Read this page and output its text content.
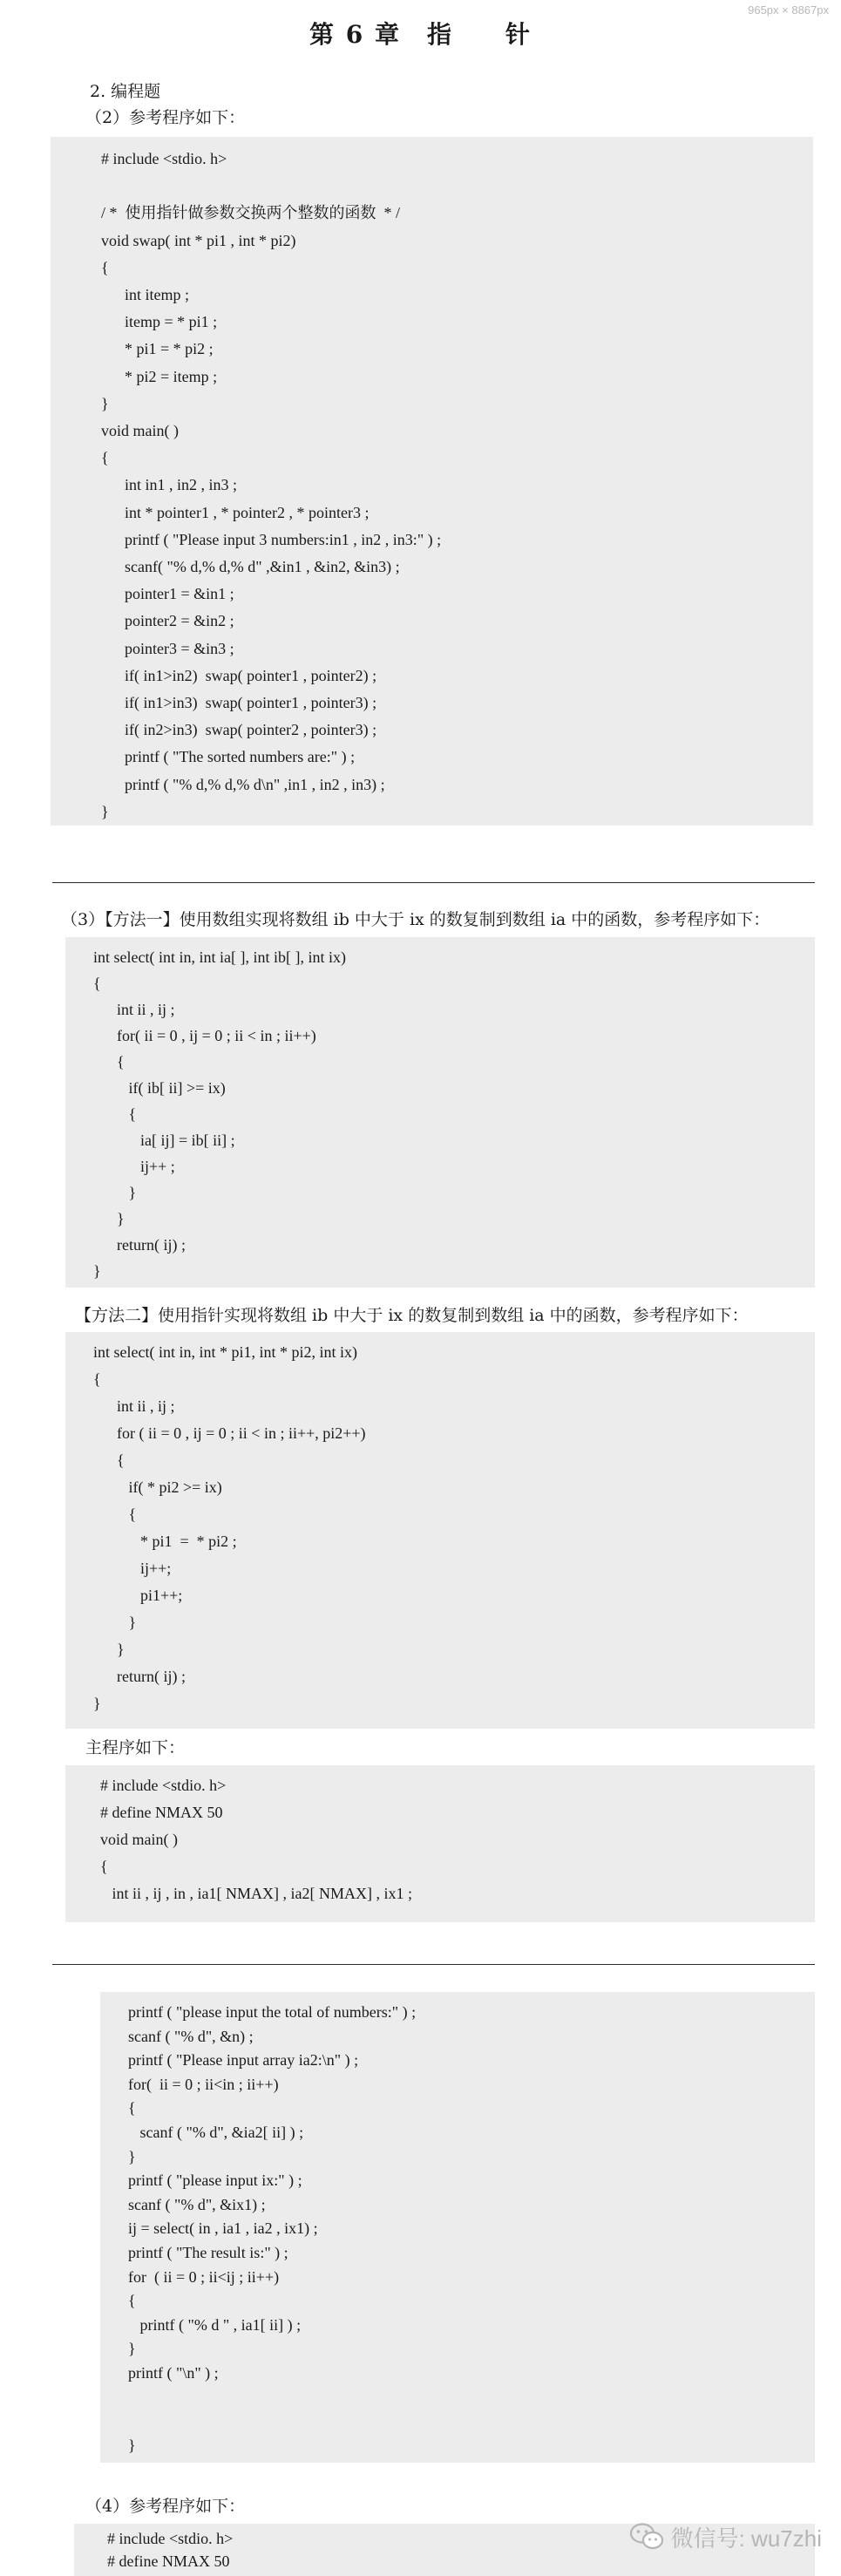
965px × 8867px
第 6 章　指　　针
2. 编程题
（2）参考程序如下：
# include <stdio. h>
/ *  使用指针做参数交换两个整数的函数  * /
void swap( int * pi1 , int * pi2)
{
int itemp ;
itemp = * pi1 ;
* pi1 = * pi2 ;
* pi2 = itemp ;
}
void main( )
{
int in1 , in2 , in3 ;
int * pointer1 , * pointer2 , * pointer3 ;
printf ( "Please input 3 numbers:in1 , in2 , in3:" ) ;
scanf( "% d,% d,% d" ,&in1 , &in2, &in3) ;
pointer1 = &in1 ;
pointer2 = &in2 ;
pointer3 = &in3 ;
if( in1>in2)  swap( pointer1 , pointer2) ;
if( in1>in3)  swap( pointer1 , pointer3) ;
if( in2>in3)  swap( pointer2 , pointer3) ;
printf ( "The sorted numbers are:" ) ;
printf ( "% d,% d,% d\n" ,in1 , in2 , in3) ;
}
（3）【方法一】使用数组实现将数组 ib 中大于 ix 的数复制到数组 ia 中的函数，参考程序如下：
int select( int in, int ia[ ], int ib[ ], int ix)
{
int ii , ij ;
for( ii = 0 , ij = 0 ; ii < in ; ii++)
{
if( ib[ ii] >= ix)
{
ia[ ij] = ib[ ii] ;
ij++ ;
}
}
return( ij) ;
}
【方法二】使用指针实现将数组 ib 中大于 ix 的数复制到数组 ia 中的函数，参考程序如下：
int select( int in, int * pi1, int * pi2, int ix)
{
int ii , ij ;
for ( ii = 0 , ij = 0 ; ii < in ; ii++, pi2++)
{
if( * pi2 >= ix)
{
* pi1  =  * pi2 ;
ij++;
pi1++;
}
}
return( ij) ;
}
主程序如下：
# include <stdio. h>
# define NMAX 50
void main( )
{
int ii , ij , in , ia1[ NMAX] , ia2[ NMAX] , ix1 ;
printf ( "please input the total of numbers:" ) ;
scanf ( "% d", &n) ;
printf ( "Please input array ia2:\n" ) ;
for(  ii = 0 ; ii<in ; ii++)
{
scanf ( "% d", &ia2[ ii] ) ;
}
printf ( "please input ix:" ) ;
scanf ( "% d", &ix1) ;
ij = select( in , ia1 , ia2 , ix1) ;
printf ( "The result is:" ) ;
for  ( ii = 0 ; ii<ij ; ii++)
{
printf ( "% d " , ia1[ ii] ) ;
}
printf ( "\n" ) ;
}
（4）参考程序如下：
# include <stdio. h>
# define NMAX 50
微信号: wu7zhi
